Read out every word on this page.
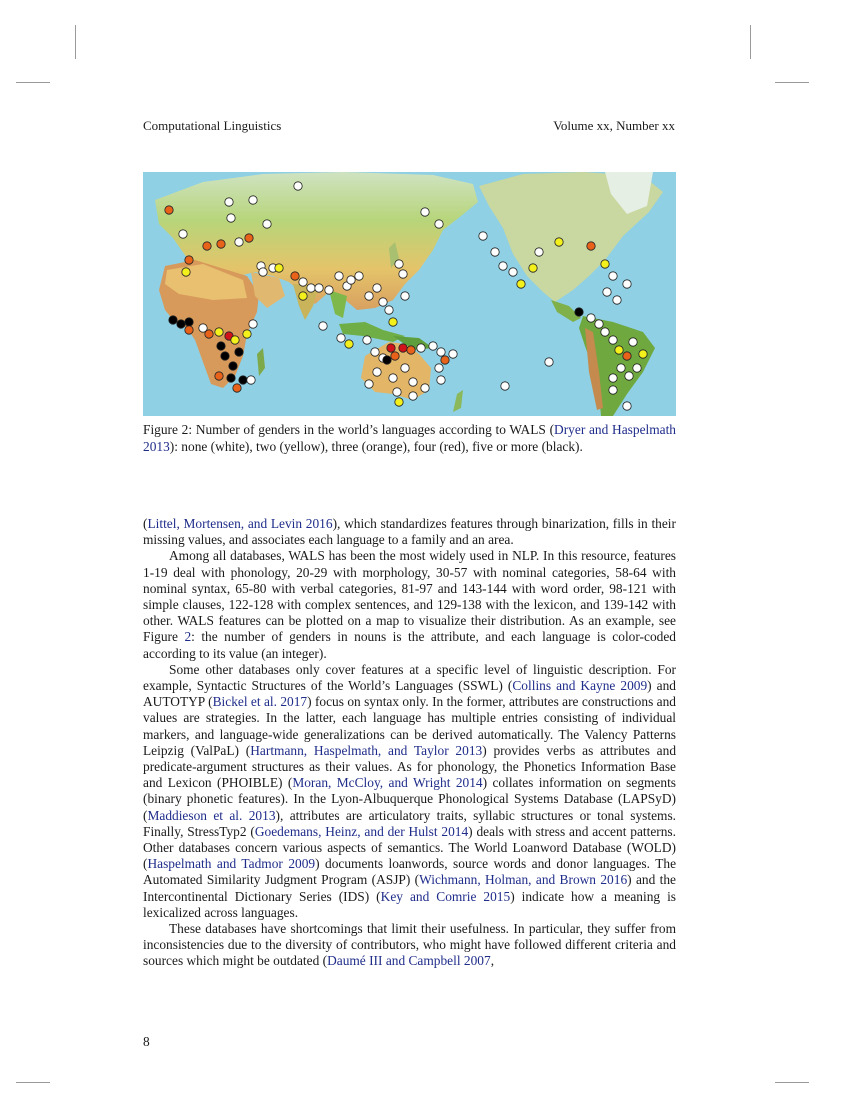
Computational Linguistics	Volume xx, Number xx
Figure 2: Number of genders in the world’s languages according to WALS (Dryer and Haspelmath 2013): none (white), two (yellow), three (orange), four (red), five or more (black).

(Littel, Mortensen, and Levin 2016), which standardizes features through binarization, fills in their missing values, and associates each language to a family and an area.

Among all databases, WALS has been the most widely used in NLP. In this resource, features 1-19 deal with phonology, 20-29 with morphology, 30-57 with nominal categories, 58-64 with nominal syntax, 65-80 with verbal categories, 81-97 and 143-144 with word order, 98-121 with simple clauses, 122-128 with complex sentences, and 129-138 with the lexicon, and 139-142 with other. WALS features can be plotted on a map to visualize their distribution. As an example, see Figure 2: the number of genders in nouns is the attribute, and each language is color-coded according to its value (an integer).

Some other databases only cover features at a specific level of linguistic description. For example, Syntactic Structures of the World’s Languages (SSWL) (Collins and Kayne 2009) and AUTOTYP (Bickel et al. 2017) focus on syntax only. In the former, attributes are constructions and values are strategies. In the latter, each language has multiple entries consisting of individual markers, and language-wide generalizations can be derived automatically. The Valency Patterns Leipzig (ValPaL) (Hartmann, Haspelmath, and Taylor 2013) provides verbs as attributes and predicate-argument structures as their values. As for phonology, the Phonetics Information Base and Lexicon (PHOIBLE) (Moran, McCloy, and Wright 2014) collates information on segments (binary phonetic features). In the Lyon-Albuquerque Phonological Systems Database (LAPSyD) (Maddieson et al. 2013), attributes are articulatory traits, syllabic structures or tonal systems. Finally, StressTyp2 (Goedemans, Heinz, and der Hulst 2014) deals with stress and accent patterns. Other databases concern various aspects of semantics. The World Loanword Database (WOLD) (Haspelmath and Tadmor 2009) documents loanwords, source words and donor languages. The Automated Similarity Judgment Program (ASJP) (Wichmann, Holman, and Brown 2016) and the Intercontinental Dictionary Series (IDS) (Key and Comrie 2015) indicate how a meaning is lexicalized across languages.

These databases have shortcomings that limit their usefulness. In particular, they suffer from inconsistencies due to the diversity of contributors, who might have followed different criteria and sources which might be outdated (Daumé III and Campbell 2007,

8
